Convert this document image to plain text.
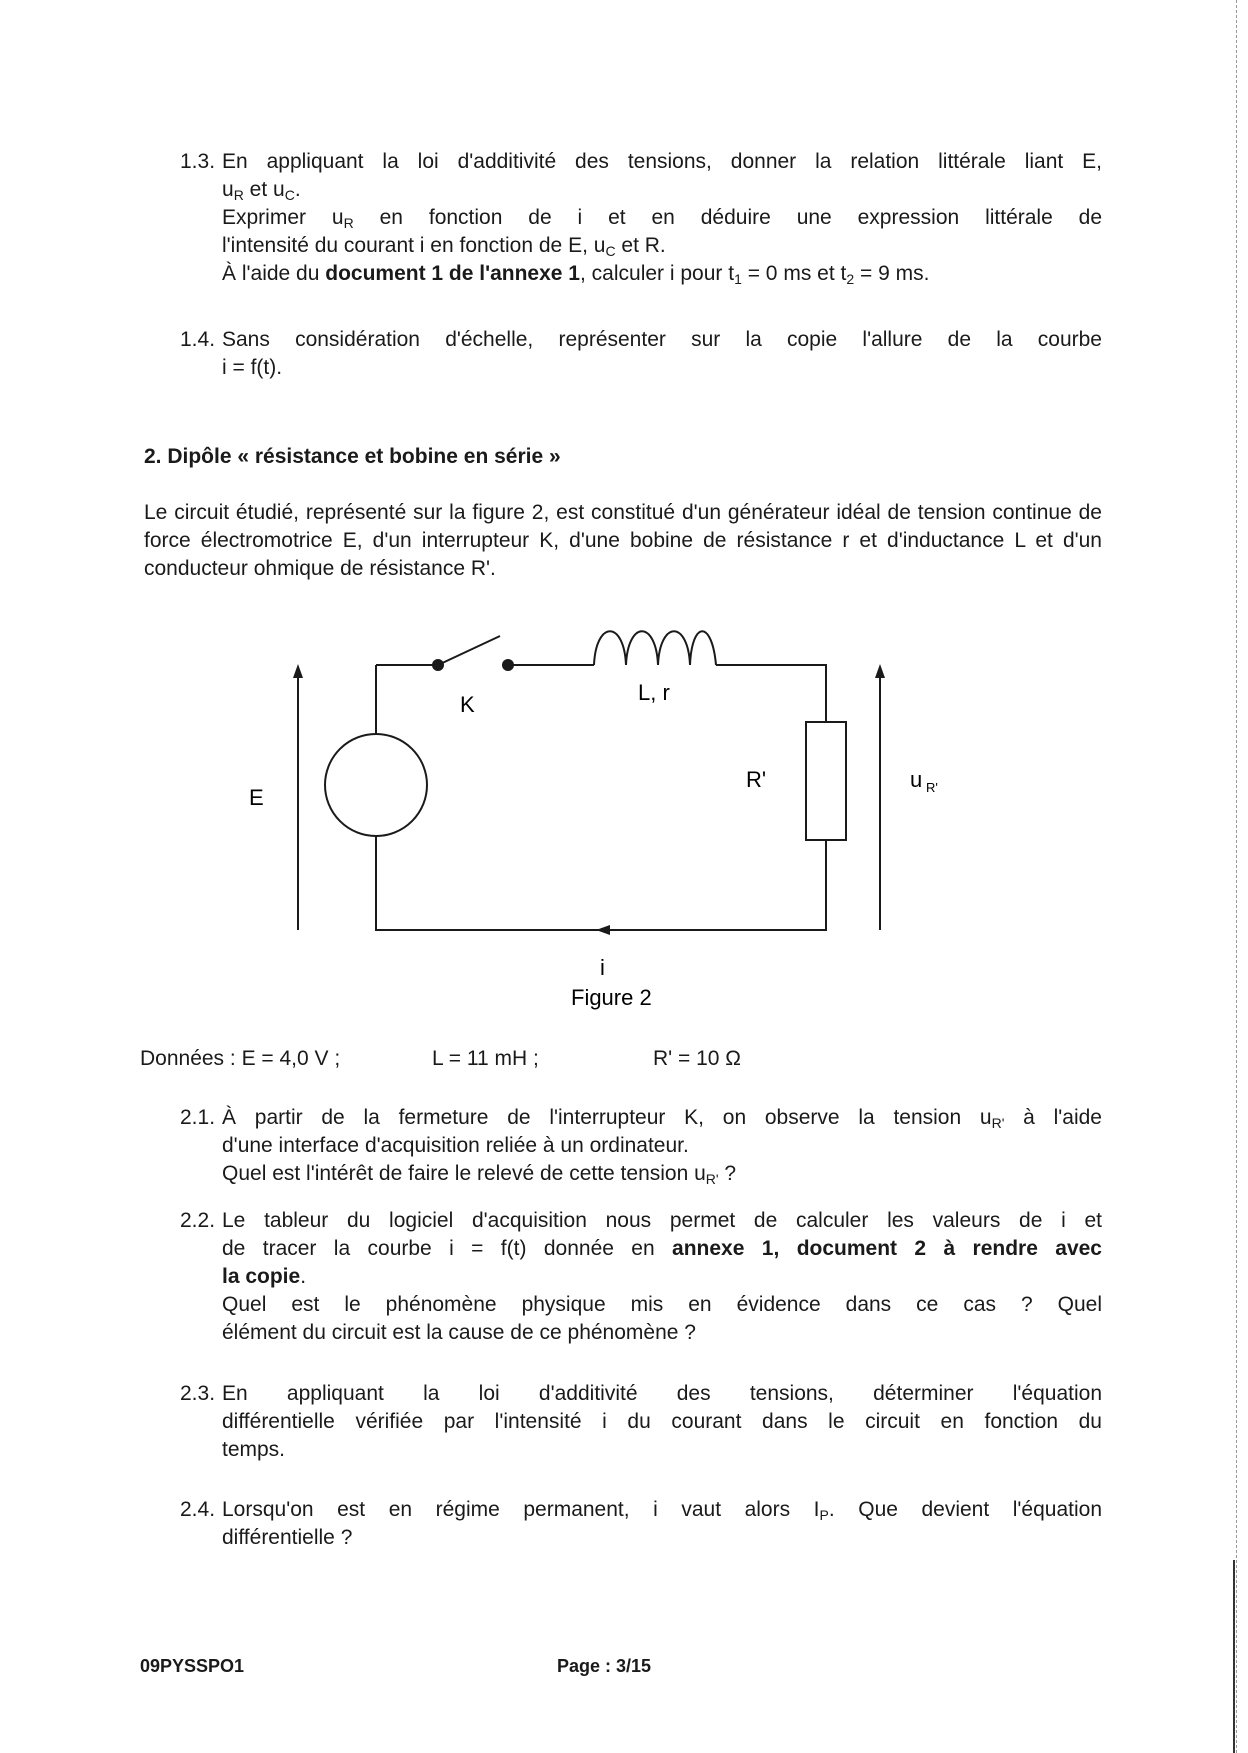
1.3. En appliquant la loi d'additivité des tensions, donner la relation littérale liant E,
$u_R$ et $u_C$.
Exprimer $u_R$ en fonction de i et en déduire une expression littérale de
l'intensité du courant i en fonction de E, $u_C$ et R.
À l'aide du document 1 de l'annexe 1, calculer i pour $t_1 = 0$ ms et $t_2 = 9$ ms.
1.4. Sans considération d'échelle, représenter sur la copie l'allure de la courbe
i = f(t).
2. Dipôle « résistance et bobine en série »
Le circuit étudié, représenté sur la figure 2, est constitué d'un générateur idéal de tension continue de force électromotrice E, d'un interrupteur K, d'une bobine de résistance r et d'inductance L et d'un conducteur ohmique de résistance R'.
K	L, r
E
R'	u R'
i
Figure 2
Données : E = 4,0 V ;	L = 11 mH ;	R' = 10 Ω
2.1. À partir de la fermeture de l'interrupteur K, on observe la tension $u_{R'}$ à l'aide
d'une interface d'acquisition reliée à un ordinateur.
Quel est l'intérêt de faire le relevé de cette tension $u_{R'}$ ?
2.2. Le tableur du logiciel d'acquisition nous permet de calculer les valeurs de i et
de tracer la courbe i = f(t) donnée en annexe 1, document 2 à rendre avec
la copie.
Quel est le phénomène physique mis en évidence dans ce cas ? Quel
élément du circuit est la cause de ce phénomène ?
2.3. En appliquant la loi d'additivité des tensions, déterminer l'équation
différentielle vérifiée par l'intensité i du courant dans le circuit en fonction du
temps.
2.4. Lorsqu'on est en régime permanent, i vaut alors $I_P$. Que devient l'équation
différentielle ?
09PYSSPO1	Page : 3/15
